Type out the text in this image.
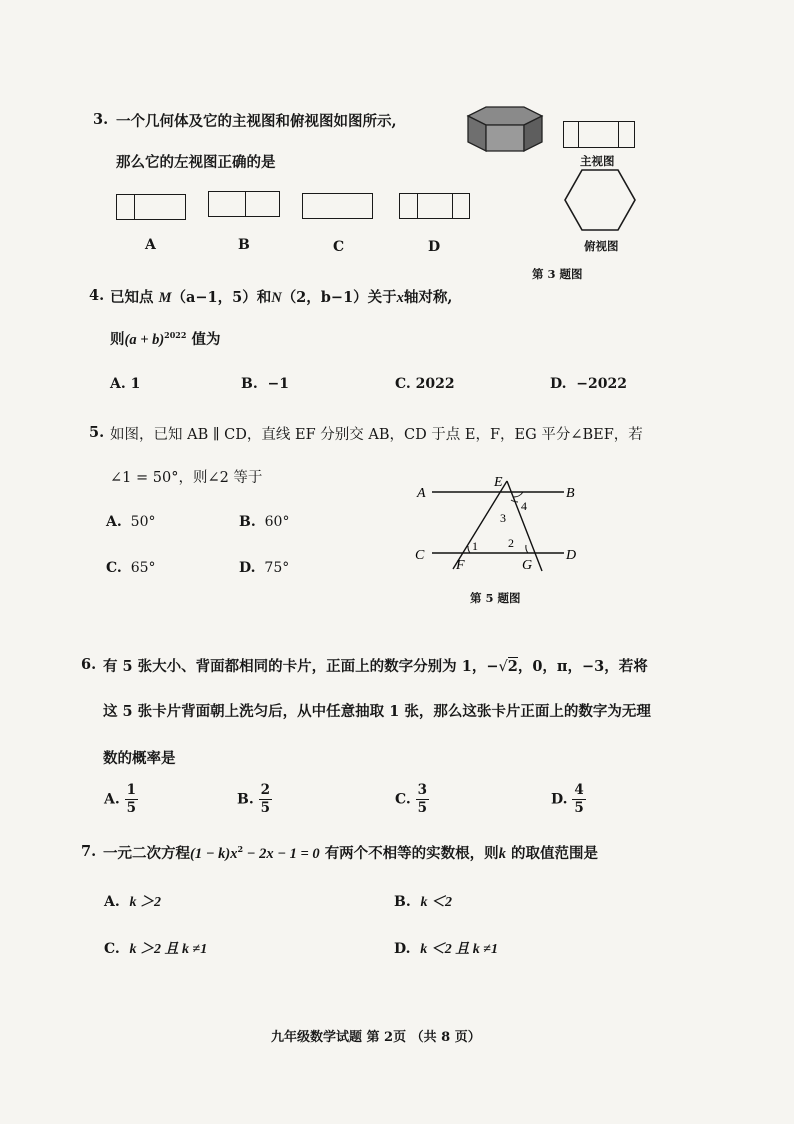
3. 一个几何体及它的主视图和俯视图如图所示,
那么它的左视图正确的是
A	B	C	D
主视图
俯视图
第 3 题图
4. 已知点 M（a−1，5）和N（2，b−1）关于x轴对称,
则$(a + b)^{2022}$ 值为
A. 1	B. −1	C. 2022	D. −2022
5. 如图，已知 AB ∥ CD，直线 EF 分别交 AB，CD 于点 E，F，EG 平分∠BEF，若
∠1 = 50°，则∠2 等于
A. 50°	B. 60°
C. 65°	D. 75°
A	B
C	D
E
F	G
1	2
3
4
第 5 题图
6. 有 5 张大小、背面都相同的卡片，正面上的数字分别为 1，−√2，0，π，−3，若将
这 5 张卡片背面朝上洗匀后，从中任意抽取 1 张，那么这张卡片正面上的数字为无理
数的概率是
A. $\frac{1}{5}$	B. $\frac{2}{5}$	C. $\frac{3}{5}$	D. $\frac{4}{5}$
7. 一元二次方程$(1 - k)x^2 - 2x - 1 = 0$ 有两个不相等的实数根，则k 的取值范围是
A. k ＞2	B. k ＜2
C. k ＞2 且 k ≠1	D. k ＜2 且 k ≠1
九年级数学试题 第 2页 （共 8 页）
